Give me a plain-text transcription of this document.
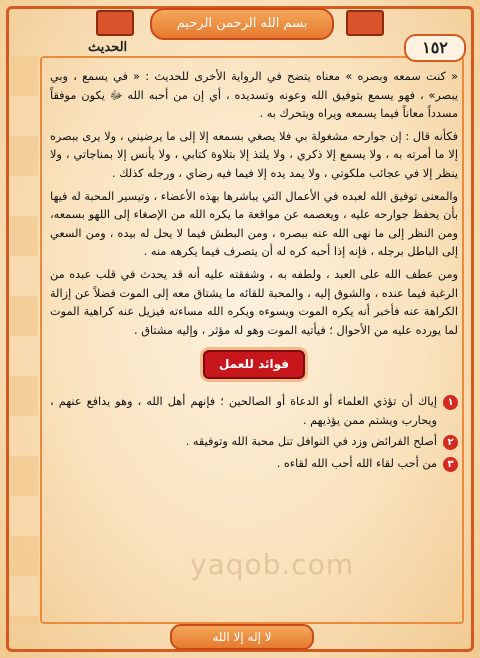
بسم الله الرحمن الرحيم
١٥٢
الحديث

« كنت سمعه وبصره » معناه يتضح في الرواية الأخرى للحديث : « في يسمع ، وبي يبصر» ، فهو يسمع بتوفيق الله وعونه وتسديده ، أي إن من أحبه الله ﷻ يكون موفقاً مسدداً معاناً فيما يسمعه ويراه ويتحرك به .

فكأنه قال : إن جوارحه مشغولة بي فلا يصغي بسمعه إلا إلى ما يرضيني ، ولا يرى ببصره إلا ما أمرته به ، ولا يسمع إلا ذكري ، ولا يلتذ إلا بتلاوة كتابي ، ولا يأنس إلا بمناجاتي ، ولا ينظر إلا في عجائب ملكوتي ، ولا يمد يده إلا فيما فيه رضاي ، ورجله كذلك .

والمعنى توفيق الله لعبده في الأعمال التي يباشرها بهذه الأعضاء ، وتيسير المحبة له فيها بأن يحفظ جوارحه عليه ، ويعصمه عن مواقعة ما يكره الله من الإصغاء إلى اللهو بسمعه، ومن النظر إلى ما نهى الله عنه ببصره ، ومن البطش فيما لا يحل له بيده ، ومن السعي إلى الباطل برجله ، فإنه إذا أحبه كره له أن يتصرف فيما يكرهه منه .

ومن عطف الله على العبد ، ولطفه به ، وشفقته عليه أنه قد يحدث في قلب عبده من الرغبة فيما عنده ، والشوق إليه ، والمحبة للقائه ما يشتاق معه إلى الموت فضلاً عن إزالة الكراهة عنه فأخبر أنه يكره الموت ويسوءه ويكره الله مساءته فيزيل عنه كراهية الموت لما يورده عليه من الأحوال ؛ فيأتيه الموت وهو له مؤثر ، وإليه مشتاق .

فوائد للعمل
١
إياك أن تؤذي العلماء أو الدعاة أو الصالحين ؛ فإنهم أهل الله ، وهو يدافع عنهم ، ويحارب ويشتم ممن يؤذيهم .
٢
أصلح الفرائض وزد في النوافل تنل محبة الله وتوفيقه .
٣
من أحب لقاء الله أحب الله لقاءه .
yaqob.com
لا إله إلا الله
